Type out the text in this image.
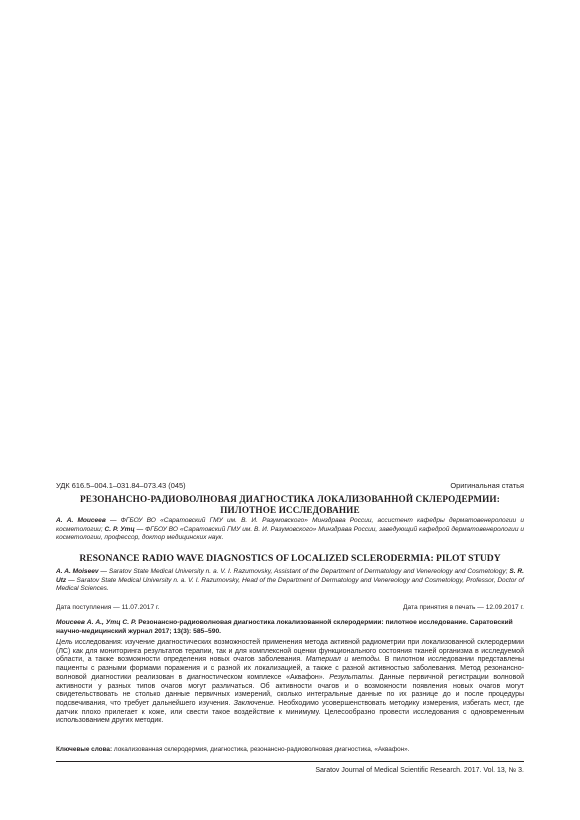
УДК 616.5–004.1–031.84–073.43 (045)	Оригинальная статья
РЕЗОНАНСНО-РАДИОВОЛНОВАЯ ДИАГНОСТИКА ЛОКАЛИЗОВАННОЙ СКЛЕРОДЕРМИИ:
ПИЛОТНОЕ ИССЛЕДОВАНИЕ
А. А. Моисеев — ФГБОУ ВО «Саратовский ГМУ им. В. И. Разумовского» Минздрава России, ассистент кафедры дерматовенерологии и косметологии; С. Р. Утц — ФГБОУ ВО «Саратовский ГМУ им. В. И. Разумовского» Минздрава России, заведующий кафедрой дерматовенерологии и косметологии, профессор, доктор медицинских наук.
RESONANCE RADIO WAVE DIAGNOSTICS OF LOCALIZED SCLERODERMIA: PILOT STUDY
A. A. Moiseev — Saratov State Medical University n. a. V. I. Razumovsky, Assistant of the Department of Dermatology and Venereology and Cosmetology; S. R. Utz — Saratov State Medical University n. a. V. I. Razumovsky, Head of the Department of Dermatology and Venereology and Cosmetology, Professor, Doctor of Medical Sciences.
Дата поступления — 11.07.2017 г.	Дата принятия в печать — 12.09.2017 г.
Моисеев А. А., Утц С. Р. Резонансно-радиоволновая диагностика локализованной склеродермии: пилотное исследование. Саратовский научно-медицинский журнал 2017; 13(3): 585–590.
Цель исследования: изучение диагностических возможностей применения метода активной радиометрии при локализованной склеродермии (ЛС) как для мониторинга результатов терапии, так и для комплексной оценки функционального состояния тканей организма в исследуемой области, а также возможности определения новых очагов заболевания. Материал и методы. В пилотном исследовании представлены пациенты с разными формами поражения и с разной их локализацией, а также с разной активностью заболевания. Метод резонансно-волновой диагностики реализован в диагностическом комплексе «Аквафон». Результаты. Данные первичной регистрации волновой активности у разных типов очагов могут различаться. Об активности очагов и о возможности появления новых очагов могут свидетельствовать не столько данные первичных измерений, сколько интегральные данные по их разнице до и после процедуры подсвечивания, что требует дальнейшего изучения. Заключение. Необходимо усовершенствовать методику измерения, избегать мест, где датчик плохо прилегает к коже, или свести такое воздействие к минимуму. Целесообразно провести исследования с одновременным использованием других методик.
Ключевые слова: локализованная склеродермия, диагностика, резонансно-радиоволновая диагностика, «Аквафон».
Saratov Journal of Medical Scientific Research. 2017. Vol. 13, № 3.
